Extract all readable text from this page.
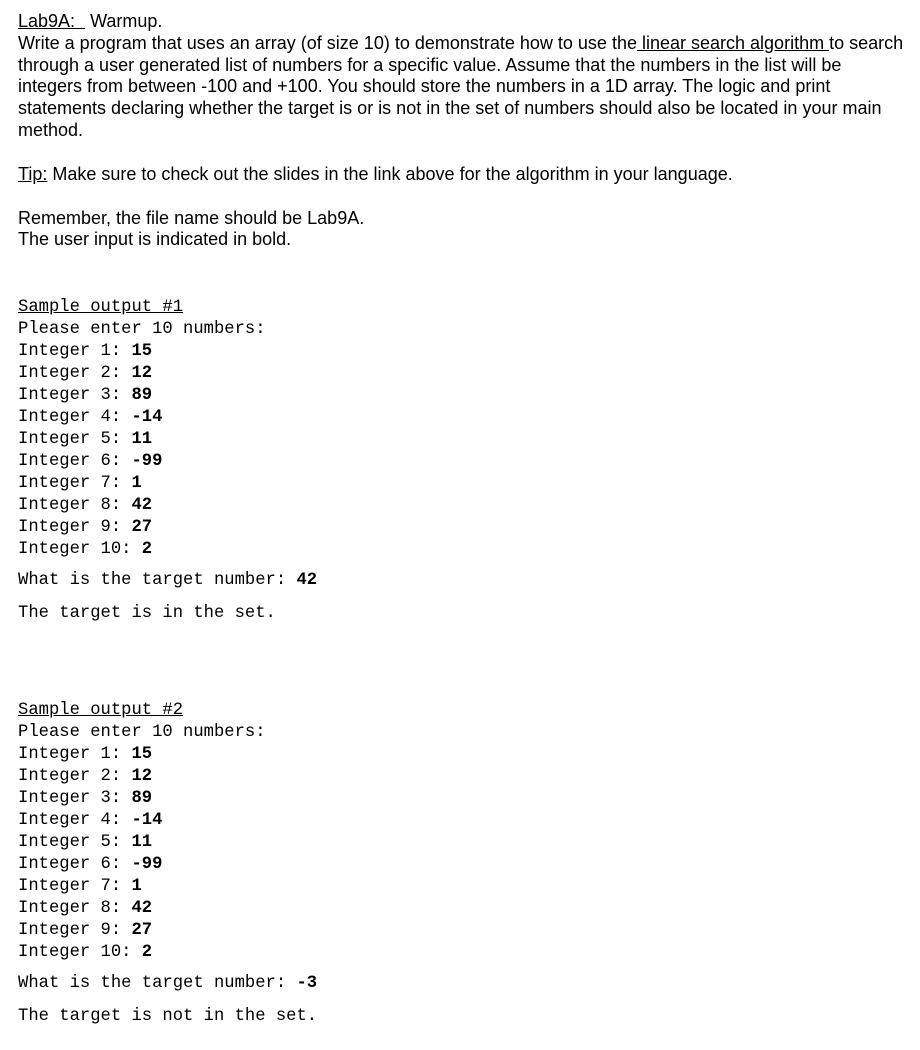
Lab9A:   Warmup.

Write a program that uses an array (of size 10) to demonstrate how to use the linear search algorithm to search through a user generated list of numbers for a specific value. Assume that the numbers in the list will be integers from between -100 and +100. You should store the numbers in a 1D array. The logic and print statements declaring whether the target is or is not in the set of numbers should also be located in your main method.

Tip: Make sure to check out the slides in the link above for the algorithm in your language.

Remember, the file name should be Lab9A.

The user input is indicated in bold.

Sample output #1
Please enter 10 numbers:
Integer 1: 15
Integer 2: 12
Integer 3: 89
Integer 4: -14
Integer 5: 11
Integer 6: -99
Integer 7: 1
Integer 8: 42
Integer 9: 27
Integer 10: 2
What is the target number: 42
The target is in the set.
Sample output #2
Please enter 10 numbers:
Integer 1: 15
Integer 2: 12
Integer 3: 89
Integer 4: -14
Integer 5: 11
Integer 6: -99
Integer 7: 1
Integer 8: 42
Integer 9: 27
Integer 10: 2
What is the target number: -3
The target is not in the set.
